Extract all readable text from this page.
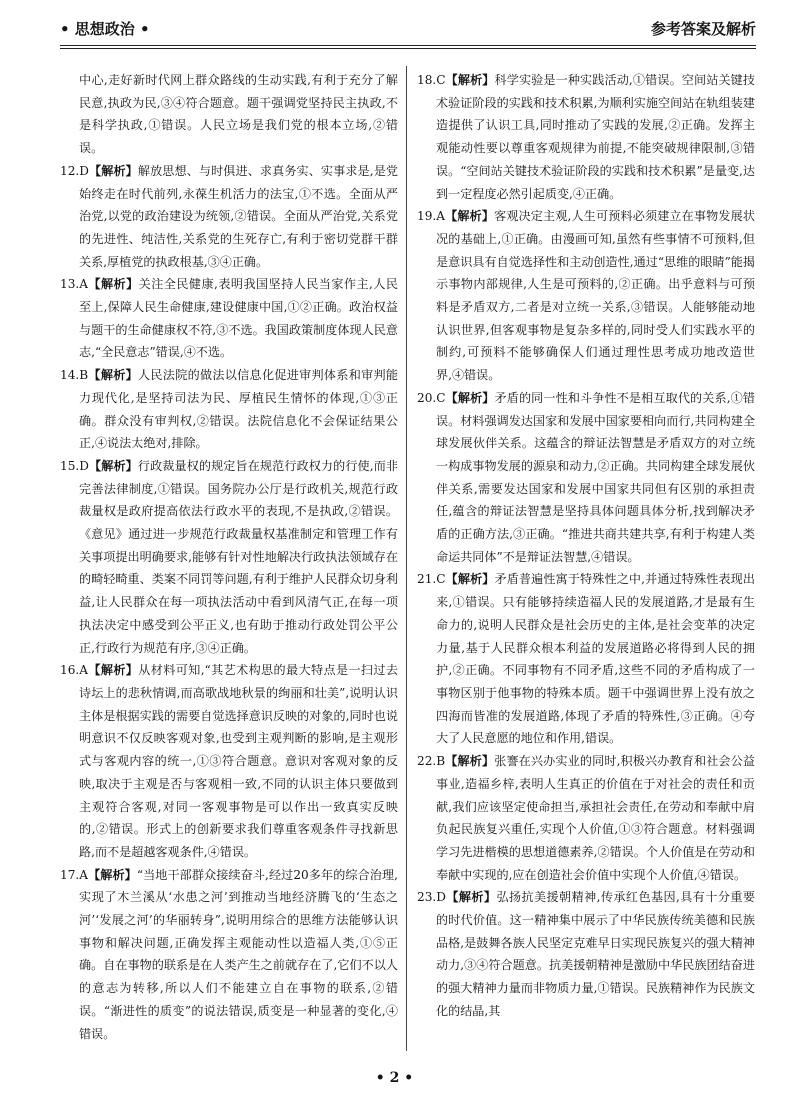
• 思想政治 •	参考答案及解析

中心,走好新时代网上群众路线的生动实践,有利于充分了解民意,执政为民,③④符合题意。题干强调党坚持民主执政,不是科学执政,①错误。人民立场是我们党的根本立场,②错误。

12.D【解析】解放思想、与时俱进、求真务实、实事求是,是党始终走在时代前列,永葆生机活力的法宝,①不选。全面从严治党,以党的政治建设为统领,②错误。全面从严治党,关系党的先进性、纯洁性,关系党的生死存亡,有利于密切党群干群关系,厚植党的执政根基,③④正确。

13.A【解析】关注全民健康,表明我国坚持人民当家作主,人民至上,保障人民生命健康,建设健康中国,①②正确。政治权益与题干的生命健康权不符,③不选。我国政策制度体现人民意志,“全民意志”错误,④不选。

14.B【解析】人民法院的做法以信息化促进审判体系和审判能力现代化,是坚持司法为民、厚植民生情怀的体现,①③正确。群众没有审判权,②错误。法院信息化不会保证结果公正,④说法太绝对,排除。

15.D【解析】行政裁量权的规定旨在规范行政权力的行使,而非完善法律制度,①错误。国务院办公厅是行政机关,规范行政裁量权是政府提高依法行政水平的表现,不是执政,②错误。《意见》通过进一步规范行政裁量权基准制定和管理工作有关事项提出明确要求,能够有针对性地解决行政执法领域存在的畸轻畸重、类案不同罚等问题,有利于维护人民群众切身利益,让人民群众在每一项执法活动中看到风清气正,在每一项执法决定中感受到公平正义,也有助于推动行政处罚公平公正,行政行为规范有序,③④正确。

16.A【解析】从材料可知,“其艺术构思的最大特点是一扫过去诗坛上的悲秋情调,而高歌战地秋景的绚丽和壮美”,说明认识主体是根据实践的需要自觉选择意识反映的对象的,同时也说明意识不仅反映客观对象,也受到主观判断的影响,是主观形式与客观内容的统一,①③符合题意。意识对客观对象的反映,取决于主观是否与客观相一致,不同的认识主体只要做到主观符合客观,对同一客观事物是可以作出一致真实反映的,②错误。形式上的创新要求我们尊重客观条件寻找新思路,而不是超越客观条件,④错误。

17.A【解析】“当地干部群众接续奋斗,经过20多年的综合治理,实现了木兰溪从‘水患之河’到推动当地经济腾飞的‘生态之河’‘发展之河’的华丽转身”,说明用综合的思维方法能够认识事物和解决问题,正确发挥主观能动性以造福人类,①⑤正确。自在事物的联系是在人类产生之前就存在了,它们不以人的意志为转移,所以人们不能建立自在事物的联系,②错误。“渐进性的质变”的说法错误,质变是一种显著的变化,④错误。

18.C【解析】科学实验是一种实践活动,①错误。空间站关键技术验证阶段的实践和技术积累,为顺利实施空间站在轨组装建造提供了认识工具,同时推动了实践的发展,②正确。发挥主观能动性要以尊重客观规律为前提,不能突破规律限制,③错误。“空间站关键技术验证阶段的实践和技术积累”是量变,达到一定程度必然引起质变,④正确。

19.A【解析】客观决定主观,人生可预料必须建立在事物发展状况的基础上,①正确。由漫画可知,虽然有些事情不可预料,但是意识具有自觉选择性和主动创造性,通过“思维的眼睛”能揭示事物内部规律,人生是可预料的,②正确。出乎意料与可预料是矛盾双方,二者是对立统一关系,③错误。人能够能动地认识世界,但客观事物是复杂多样的,同时受人们实践水平的制约,可预料不能够确保人们通过理性思考成功地改造世界,④错误。

20.C【解析】矛盾的同一性和斗争性不是相互取代的关系,①错误。材料强调发达国家和发展中国家要相向而行,共同构建全球发展伙伴关系。这蕴含的辩证法智慧是矛盾双方的对立统一构成事物发展的源泉和动力,②正确。共同构建全球发展伙伴关系,需要发达国家和发展中国家共同但有区别的承担责任,蕴含的辩证法智慧是坚持具体问题具体分析,找到解决矛盾的正确方法,③正确。“推进共商共建共享,有利于构建人类命运共同体”不是辩证法智慧,④错误。

21.C【解析】矛盾普遍性寓于特殊性之中,并通过特殊性表现出来,①错误。只有能够持续造福人民的发展道路,才是最有生命力的,说明人民群众是社会历史的主体,是社会变革的决定力量,基于人民群众根本利益的发展道路必将得到人民的拥护,②正确。不同事物有不同矛盾,这些不同的矛盾构成了一事物区别于他事物的特殊本质。题干中强调世界上没有放之四海而皆准的发展道路,体现了矛盾的特殊性,③正确。④夸大了人民意愿的地位和作用,错误。

22.B【解析】张謇在兴办实业的同时,积极兴办教育和社会公益事业,造福乡梓,表明人生真正的价值在于对社会的责任和贡献,我们应该坚定使命担当,承担社会责任,在劳动和奉献中肩负起民族复兴重任,实现个人价值,①③符合题意。材料强调学习先进楷模的思想道德素养,②错误。个人价值是在劳动和奉献中实现的,应在创造社会价值中实现个人价值,④错误。

23.D【解析】弘扬抗美援朝精神,传承红色基因,具有十分重要的时代价值。这一精神集中展示了中华民族传统美德和民族品格,是鼓舞各族人民坚定克难早日实现民族复兴的强大精神动力,③④符合题意。抗美援朝精神是激励中华民族团结奋进的强大精神力量而非物质力量,①错误。民族精神作为民族文化的结晶,其

• 2 •
